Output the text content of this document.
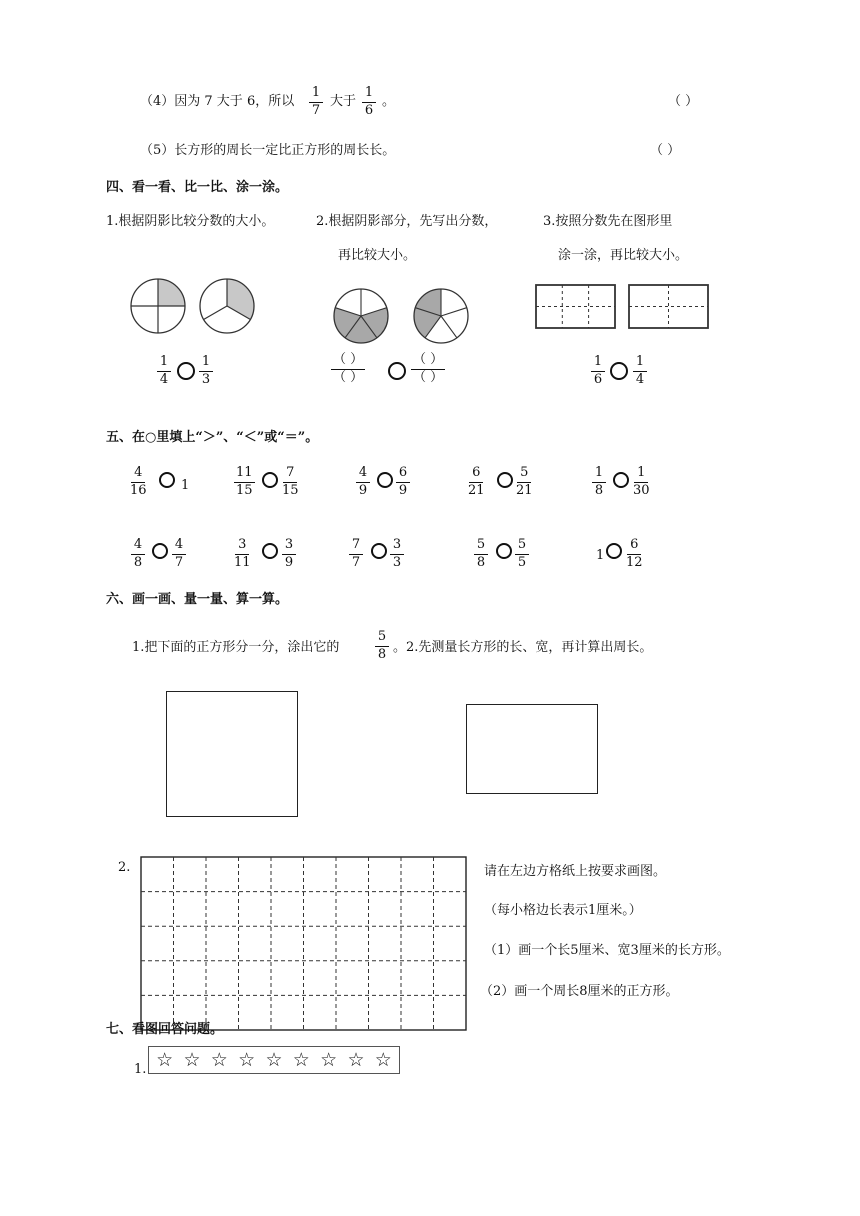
（4）因为 7 大于 6，所以 $\frac{1}{7}$ 大于 $\frac{1}{6}$ 。	（ ）
（5）长方形的周长一定比正方形的周长长。	（ ）
四、看一看、比一比、涂一涂。
1.根据阴影比较分数的大小。	2.根据阴影部分，先写出分数，
再比较大小。
3.按照分数先在图形里
涂一涂，再比较大小。
$\frac{1}{4} \frac{1}{3}$	（ ）
（ ）
（ ）
（ ）	$\frac{1}{6} \frac{1}{4}$
五、在○里填上“＞”、“＜”或“＝”。
$\frac{4}{16}$	1	$\frac{11}{15} \frac{7}{15}$	$\frac{4}{9} \frac{6}{9}$	$\frac{6}{21} \frac{5}{21}$	$\frac{1}{8} \frac{1}{30}$
$\frac{4}{8} \frac{4}{7}$	$\frac{3}{11} \frac{3}{9}$	$\frac{7}{7} \frac{3}{3}$	$\frac{5}{8} \frac{5}{5}$	$1 \frac{6}{12}$
六、画一画、量一量、算一算。
1.把下面的正方形分一分，涂出它的	$\frac{5}{8}$ 。2.先测量长方形的长、宽，再计算出周长。
2.	请在左边方格纸上按要求画图。
（每小格边长表示1厘米。）
（1）画一个长5厘米、宽3厘米的长方形。
（2）画一个周长8厘米的正方形。
七、看图回答问题。
1. ☆ ☆ ☆ ☆ ☆ ☆ ☆ ☆ ☆
